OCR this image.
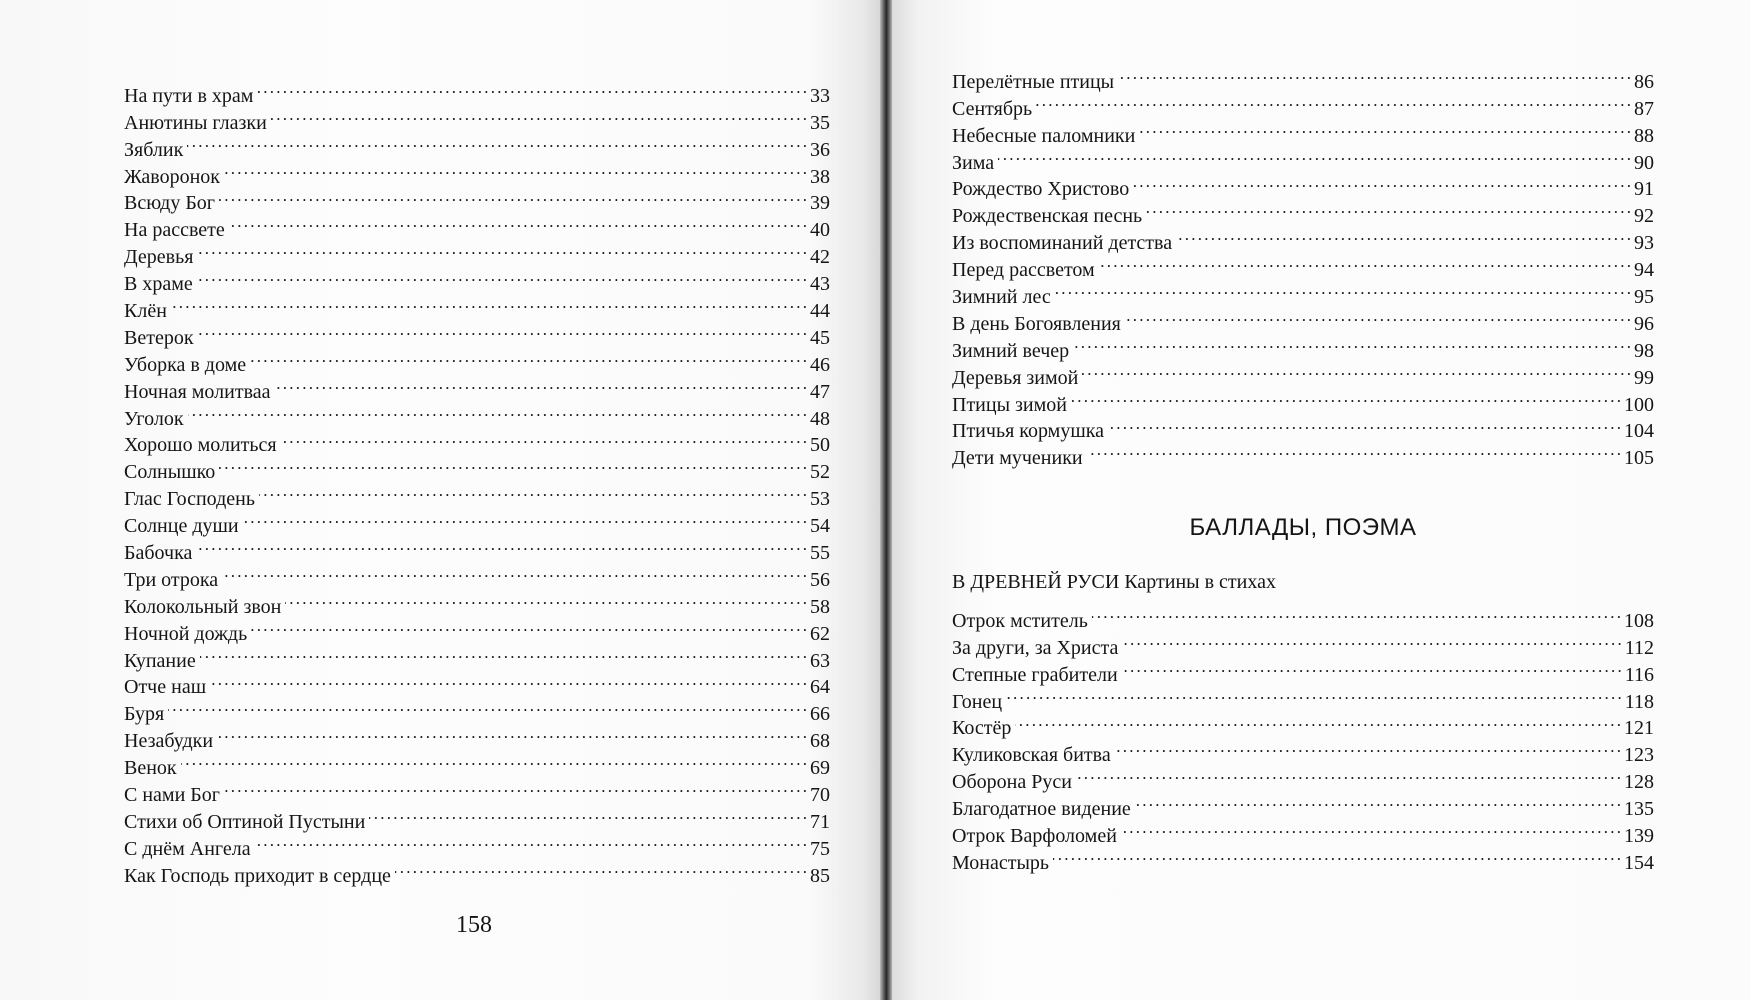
На пути в храм . . .	33
Анютины глазки . . .	35
Зяблик . . .	36
Жаворонок . . .	38
Всюду Бог . . .	39
На рассвете . . .	40
Деревья . . .	42
В храме . . .	43
Клён . . .	44
Ветерок . . .	45
Уборка в доме . . .	46
Ночная молитваа . . .	47
Уголок . . .	48
Хорошо молиться . . .	50
Солнышко . . .	52
Глас Господень . . .	53
Солнце души . . .	54
Бабочка . . .	55
Три отрока . . .	56
Колокольный звон . . .	58
Ночной дождь . . .	62
Купание . . .	63
Отче наш . . .	64
Буря . . .	66
Незабудки . . .	68
Венок . . .	69
С нами Бог . . .	70
Стихи об Оптиной Пустыни . . .	71
С днём Ангела . . .	75
Как Господь приходит в сердце . . .	85

158

Перелётные птицы . . .	86
Сентябрь . . .	87
Небесные паломники . . .	88
Зима . . .	90
Рождество Христово . . .	91
Рождественская песнь . . .	92
Из воспоминаний детства . . .	93
Перед рассветом . . .	94
Зимний лес . . .	95
В день Богоявления . . .	96
Зимний вечер . . .	98
Деревья зимой . . .	99
Птицы зимой . . .	100
Птичья кормушка . . .	104
Дети мученики . . .	105
БАЛЛАДЫ, ПОЭМА
В ДРЕВНЕЙ РУСИ Картины в стихах
Отрок мститель . . .	108
За други, за Христа . . .	112
Степные грабители . . .	116
Гонец . . .	118
Костёр . . .	121
Куликовская битва . . .	123
Оборона Руси . . .	128
Благодатное видение . . .	135
Отрок Варфоломей . . .	139
Монастырь . . .	154
